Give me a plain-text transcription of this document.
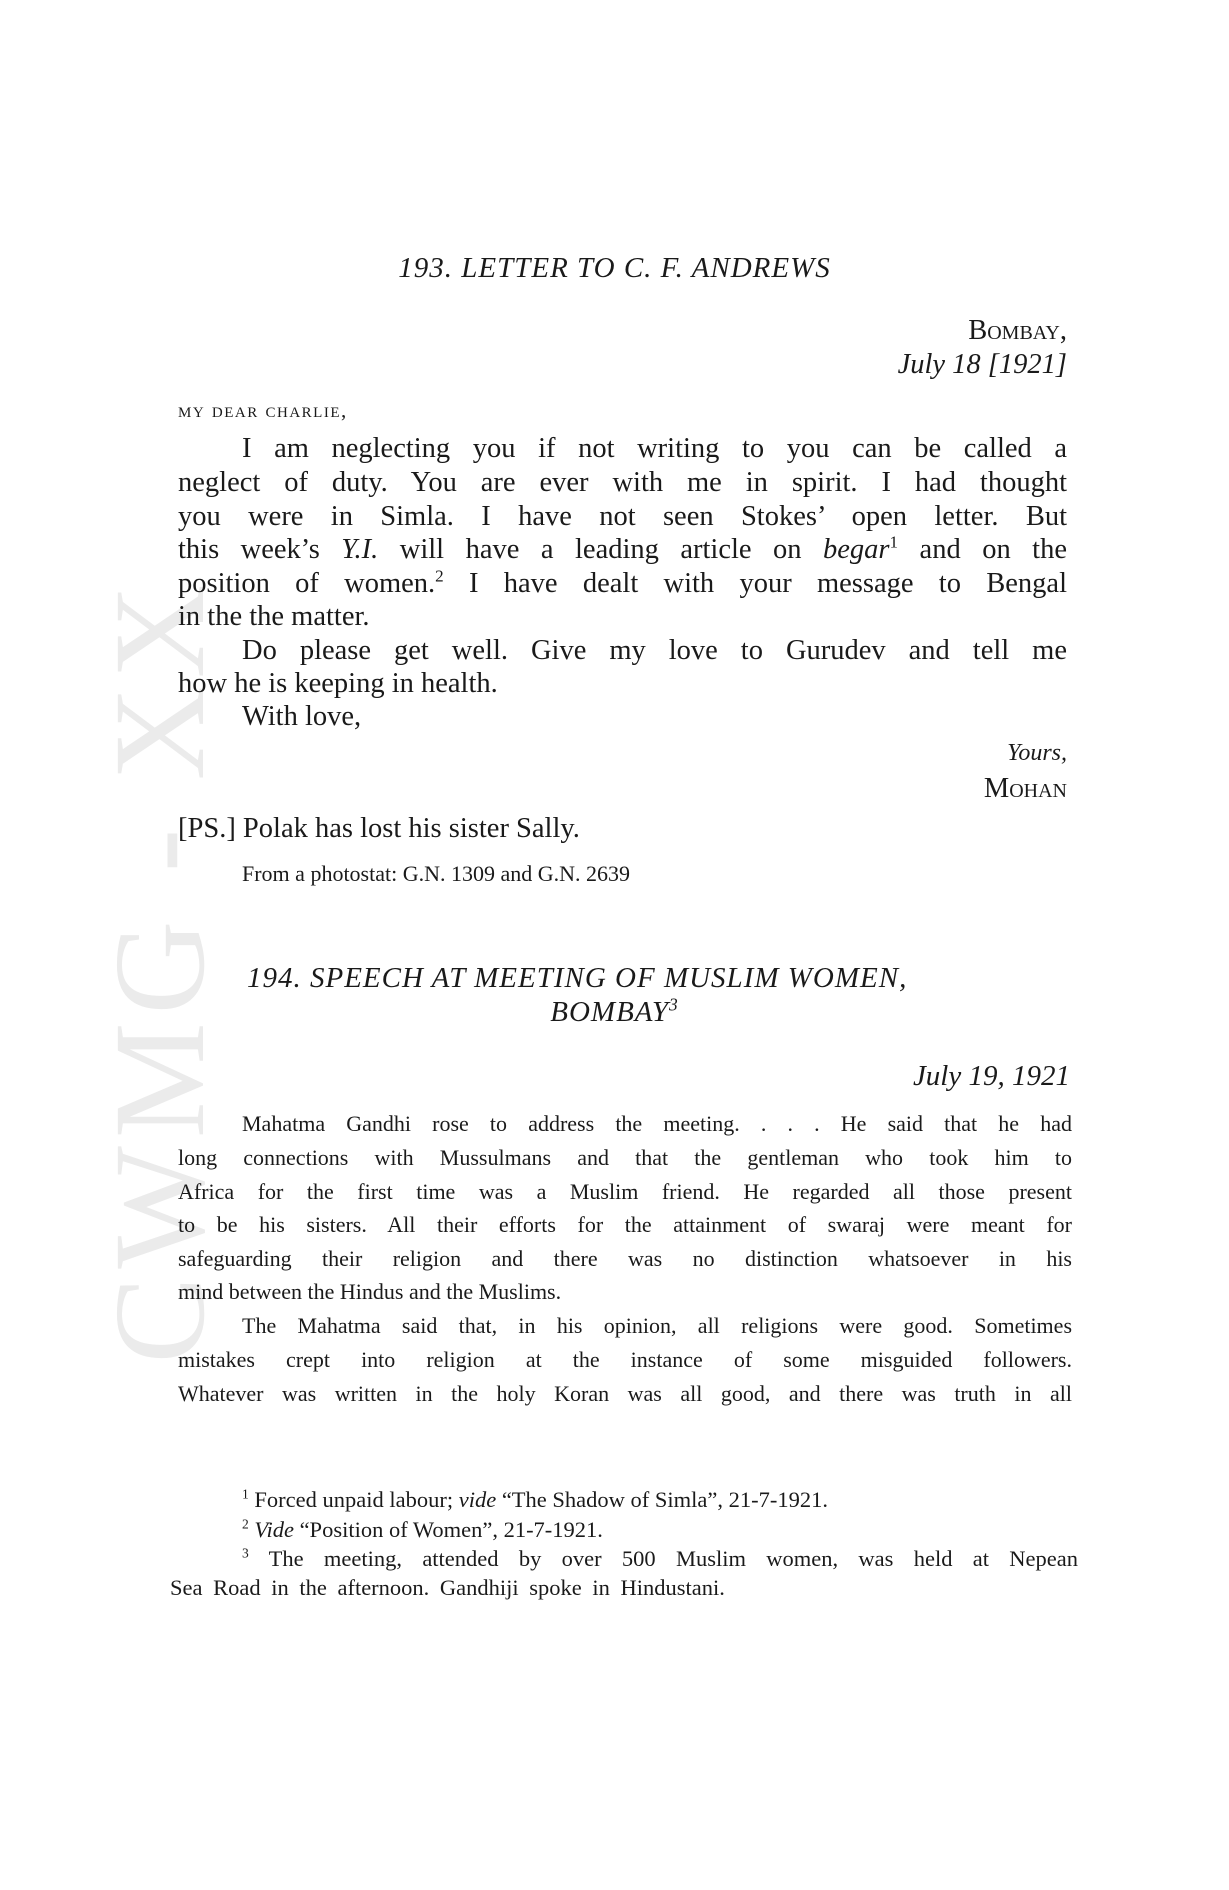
CWMG - XX
193. LETTER TO C. F. ANDREWS
Bombay,
July 18 [1921]
my dear charlie,
I am neglecting you if not writing to you can be called a
neglect of duty. You are ever with me in spirit. I had thought
you were in Simla. I have not seen Stokes’ open letter. But
this week’s Y.I. will have a leading article on begar$^1$ and on the
position of women.$^2$ I have dealt with your message to Bengal
in the the matter.
Do please get well. Give my love to Gurudev and tell me
how he is keeping in health.
With love,
Yours,
Mohan
[PS.] Polak has lost his sister Sally.
From a photostat: G.N. 1309 and G.N. 2639
194. SPEECH AT MEETING OF MUSLIM WOMEN,
BOMBAY$^3$
July 19, 1921
Mahatma Gandhi rose to address the meeting. . . . He said that he had
long connections with Mussulmans and that the gentleman who took him to
Africa for the first time was a Muslim friend. He regarded all those present
to be his sisters. All their efforts for the attainment of swaraj were meant for
safeguarding their religion and there was no distinction whatsoever in his
mind between the Hindus and the Muslims.
The Mahatma said that, in his opinion, all religions were good. Sometimes
mistakes crept into religion at the instance of some misguided followers.
Whatever was written in the holy Koran was all good, and there was truth in all
$^1$ Forced unpaid labour; vide “The Shadow of Simla”, 21-7-1921.
$^2$ Vide “Position of Women”, 21-7-1921.
$^3$ The meeting, attended by over 500 Muslim women, was held at Nepean
Sea Road in the afternoon. Gandhiji spoke in Hindustani.
